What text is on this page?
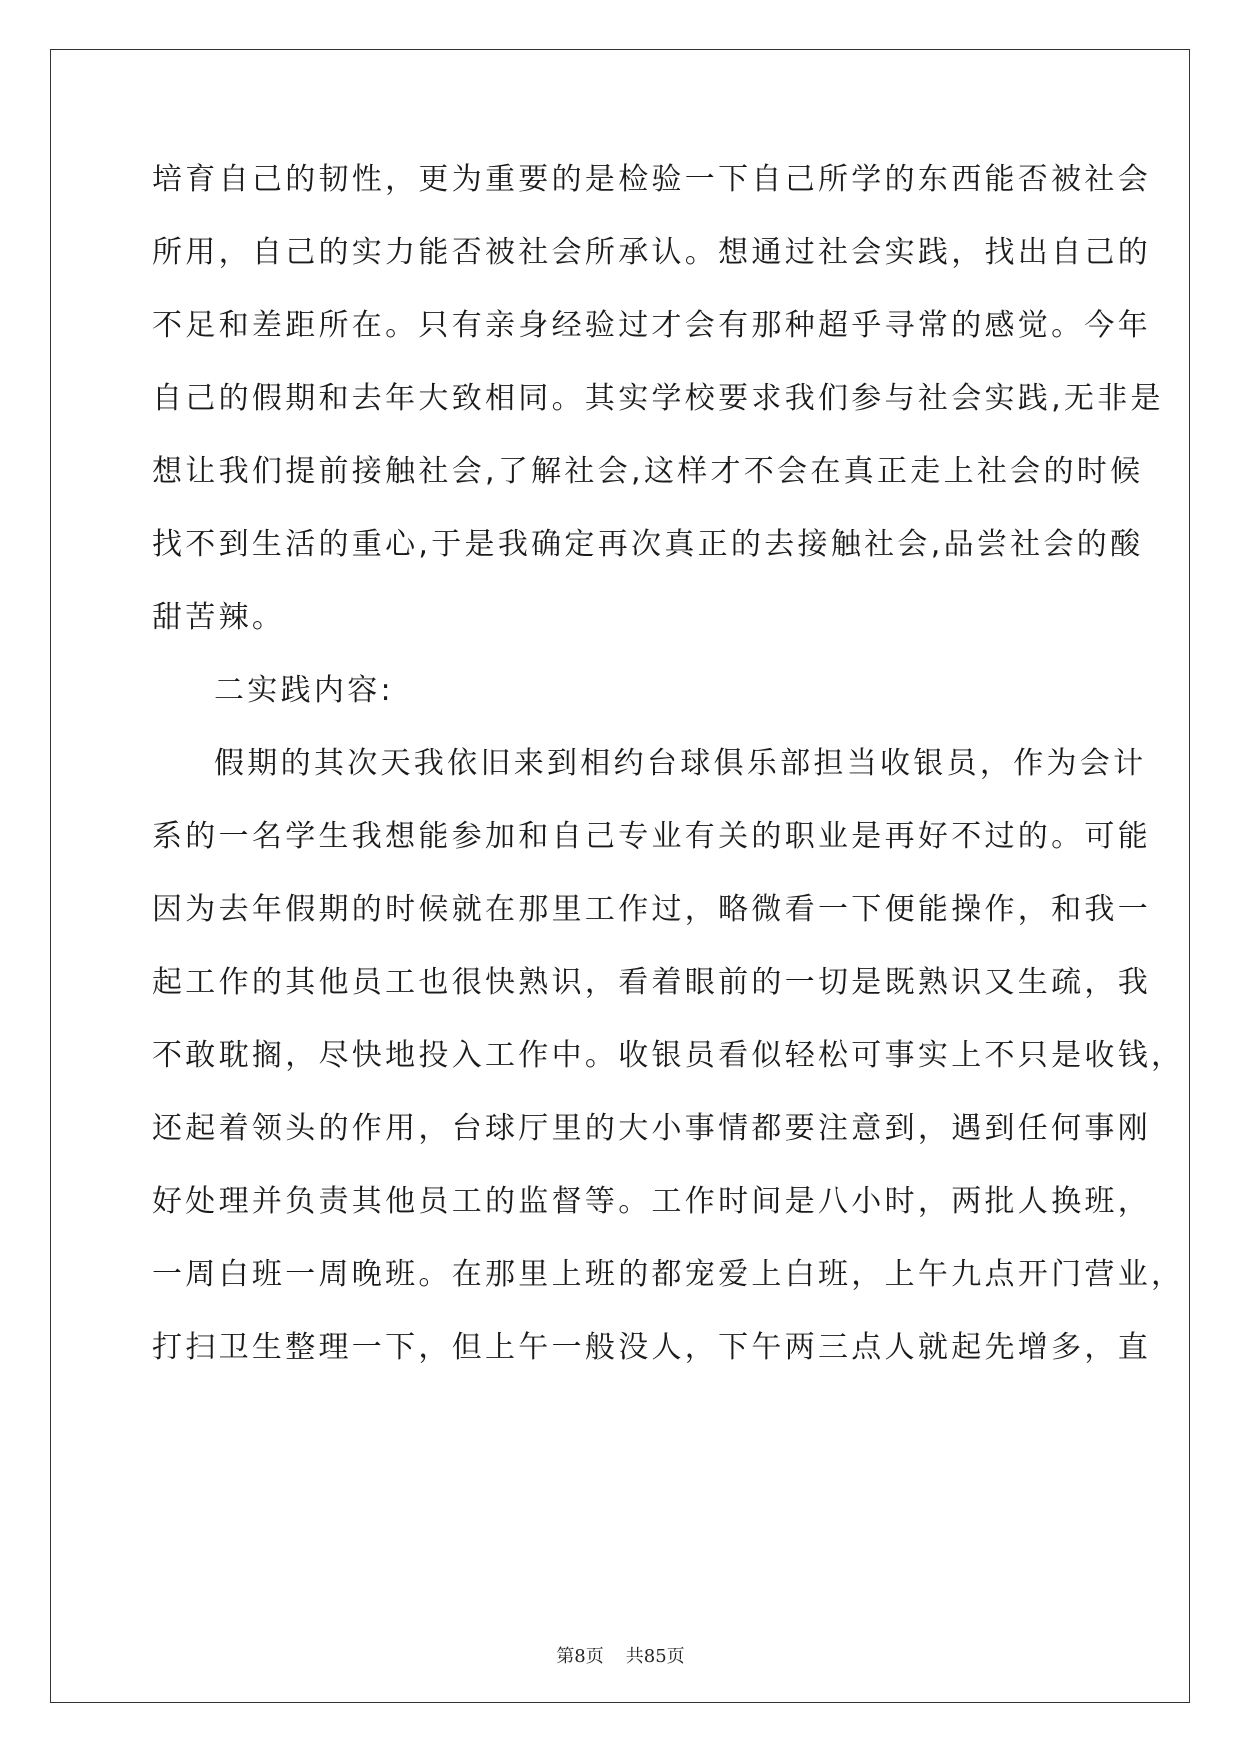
培育自己的韧性，更为重要的是检验一下自己所学的东西能否被社会
所用，自己的实力能否被社会所承认。想通过社会实践，找出自己的
不足和差距所在。只有亲身经验过才会有那种超乎寻常的感觉。今年
自己的假期和去年大致相同。其实学校要求我们参与社会实践,无非是
想让我们提前接触社会,了解社会,这样才不会在真正走上社会的时候
找不到生活的重心,于是我确定再次真正的去接触社会,品尝社会的酸
甜苦辣。
二实践内容:
假期的其次天我依旧来到相约台球俱乐部担当收银员，作为会计
系的一名学生我想能参加和自己专业有关的职业是再好不过的。可能
因为去年假期的时候就在那里工作过，略微看一下便能操作，和我一
起工作的其他员工也很快熟识，看着眼前的一切是既熟识又生疏，我
不敢耽搁，尽快地投入工作中。收银员看似轻松可事实上不只是收钱，
还起着领头的作用，台球厅里的大小事情都要注意到，遇到任何事刚
好处理并负责其他员工的监督等。工作时间是八小时，两批人换班，
一周白班一周晚班。在那里上班的都宠爱上白班，上午九点开门营业，
打扫卫生整理一下，但上午一般没人，下午两三点人就起先增多，直
第8页 共85页
